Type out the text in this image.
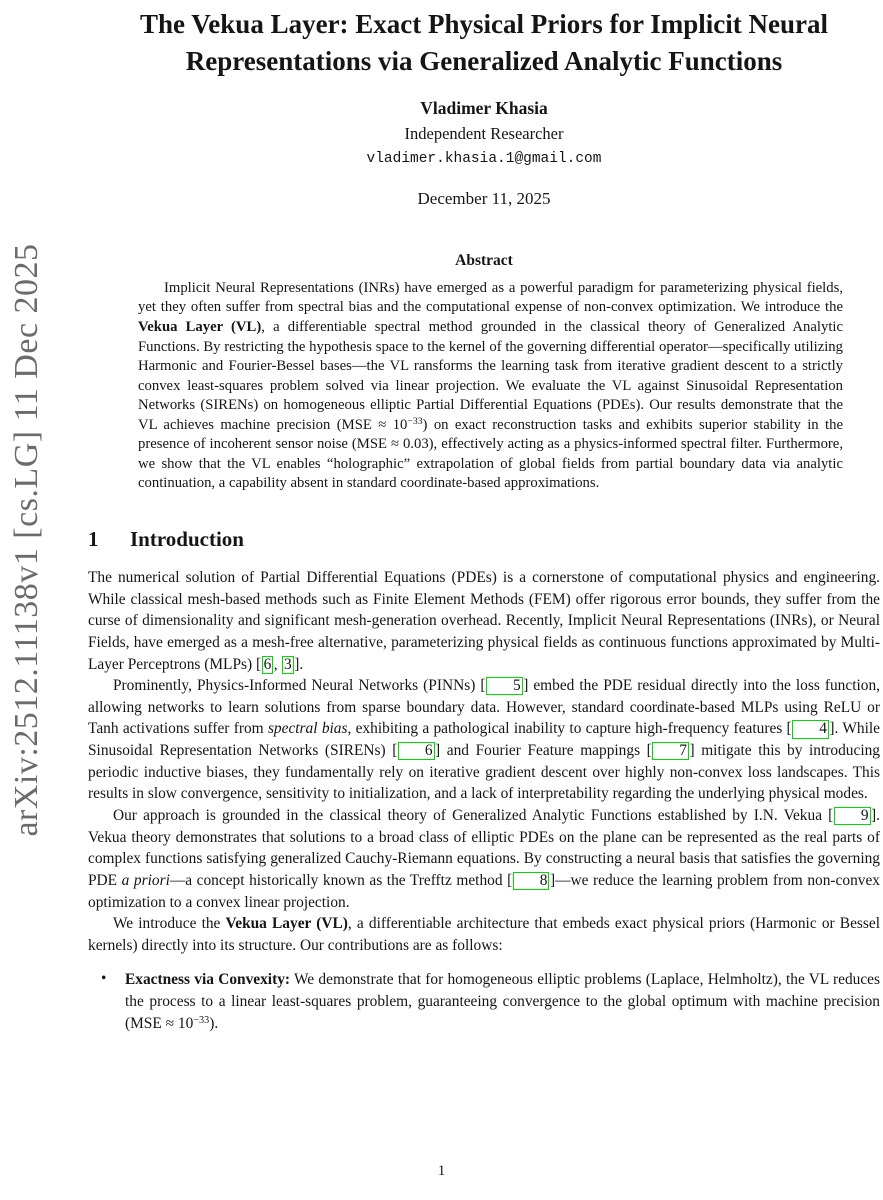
arXiv:2512.11138v1 [cs.LG] 11 Dec 2025
The Vekua Layer: Exact Physical Priors for Implicit Neural Representations via Generalized Analytic Functions
Vladimer Khasia
Independent Researcher
vladimer.khasia.1@gmail.com
December 11, 2025
Abstract
Implicit Neural Representations (INRs) have emerged as a powerful paradigm for parameterizing physical fields, yet they often suffer from spectral bias and the computational expense of non-convex optimization. We introduce the Vekua Layer (VL), a differentiable spectral method grounded in the classical theory of Generalized Analytic Functions. By restricting the hypothesis space to the kernel of the governing differential operator—specifically utilizing Harmonic and Fourier-Bessel bases—the VL ransforms the learning task from iterative gradient descent to a strictly convex least-squares problem solved via linear projection. We evaluate the VL against Sinusoidal Representation Networks (SIRENs) on homogeneous elliptic Partial Differential Equations (PDEs). Our results demonstrate that the VL achieves machine precision $(MSE \approx 10^{-33})$ on exact reconstruction tasks and exhibits superior stability in the presence of incoherent sensor noise (MSE ≈ 0.03), effectively acting as a physics-informed spectral filter. Furthermore, we show that the VL enables “holographic” extrapolation of global fields from partial boundary data via analytic continuation, a capability absent in standard coordinate-based approximations.
1 Introduction

The numerical solution of Partial Differential Equations (PDEs) is a cornerstone of computational physics and engineering. While classical mesh-based methods such as Finite Element Methods (FEM) offer rigorous error bounds, they suffer from the curse of dimensionality and significant mesh-generation overhead. Recently, Implicit Neural Representations (INRs), or Neural Fields, have emerged as a mesh-free alternative, parameterizing physical fields as continuous functions approximated by Multi-Layer Perceptrons (MLPs) [ 6 , 3 ].

Prominently, Physics-Informed Neural Networks (PINNs) [ 5 ] embed the PDE residual directly into the loss function, allowing networks to learn solutions from sparse boundary data. However, standard coordinate-based MLPs using ReLU or Tanh activations suffer from spectral bias, exhibiting a pathological inability to capture high-frequency features [ 4 ]. While Sinusoidal Representation Networks (SIRENs) [ 6 ] and Fourier Feature mappings [ 7 ] mitigate this by introducing periodic inductive biases, they fundamentally rely on iterative gradient descent over highly non-convex loss landscapes. This results in slow convergence, sensitivity to initialization, and a lack of interpretability regarding the underlying physical modes.

Our approach is grounded in the classical theory of Generalized Analytic Functions established by I.N. Vekua [ 9 ]. Vekua theory demonstrates that solutions to a broad class of elliptic PDEs on the plane can be represented as the real parts of complex functions satisfying generalized Cauchy-Riemann equations. By constructing a neural basis that satisfies the governing PDE a priori—a concept historically known as the Trefftz method [ 8 ]—we reduce the learning problem from non-convex optimization to a convex linear projection.

We introduce the Vekua Layer (VL), a differentiable architecture that embeds exact physical priors (Harmonic or Bessel kernels) directly into its structure. Our contributions are as follows:

• Exactness via Convexity: We demonstrate that for homogeneous elliptic problems (Laplace, Helmholtz), the VL reduces the process to a linear least-squares problem, guaranteeing convergence to the global optimum with machine precision $(MSE \approx 10^{-33})$.
1
